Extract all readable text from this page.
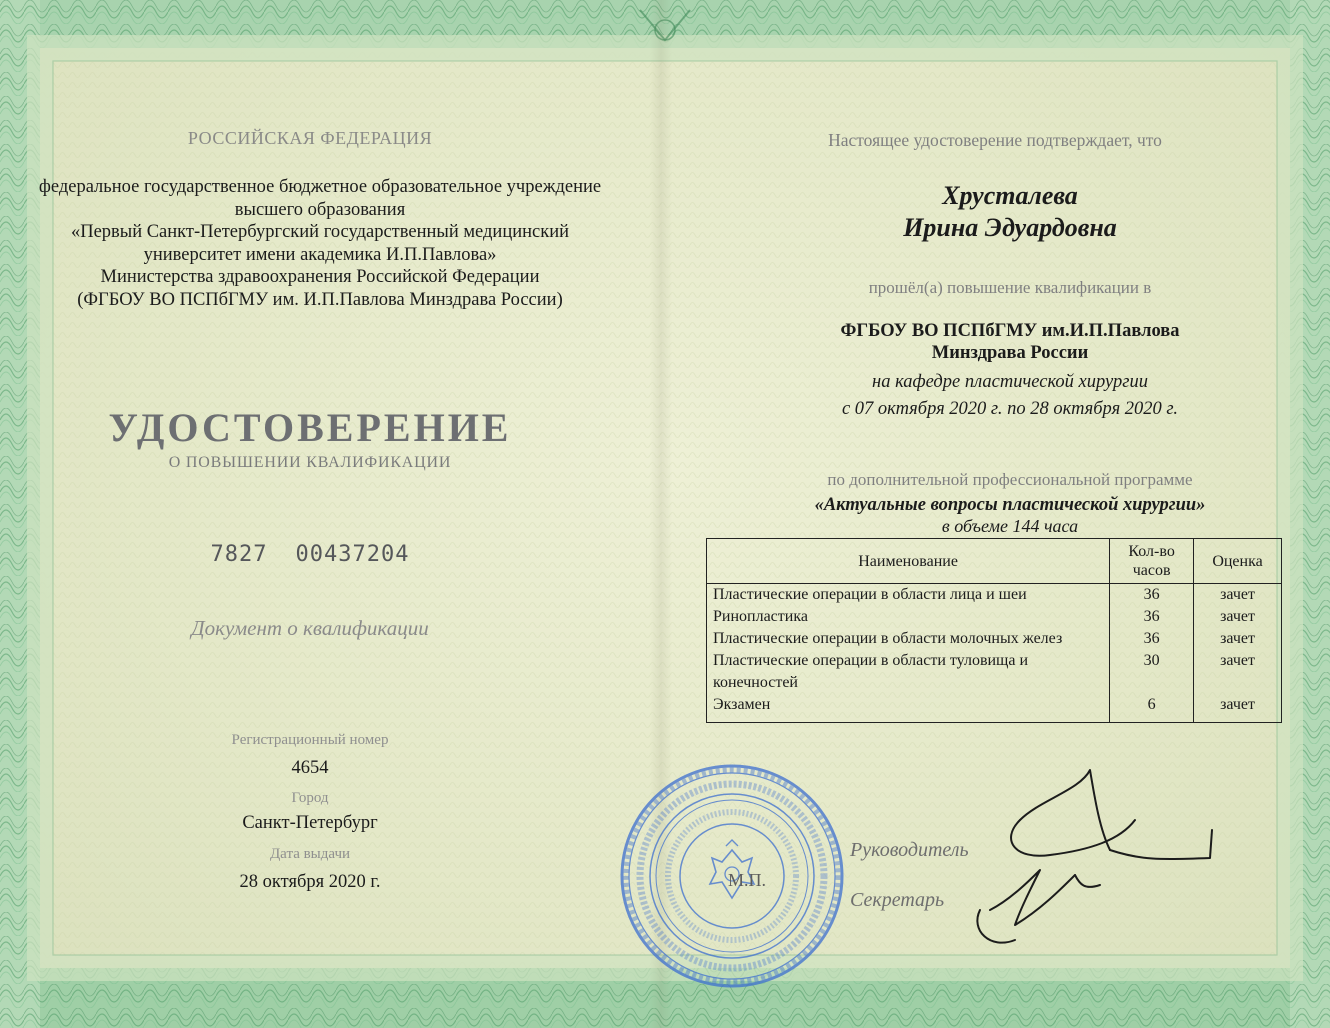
РОССИЙСКАЯ ФЕДЕРАЦИЯ
федеральное государственное бюджетное образовательное учреждение
высшего образования
«Первый Санкт-Петербургский государственный медицинский
университет имени академика И.П.Павлова»
Министерства здравоохранения Российской Федерации
(ФГБОУ ВО ПСПбГМУ им. И.П.Павлова Минздрава России)
УДОСТОВЕРЕНИЕ
О ПОВЫШЕНИИ КВАЛИФИКАЦИИ
7827 00437204
Документ о квалификации
Регистрационный номер
4654
Город
Санкт-Петербург
Дата выдачи
28 октября 2020 г.
Настоящее удостоверение подтверждает, что
Хрусталева
Ирина Эдуардовна
прошёл(а) повышение квалификации в
ФГБОУ ВО ПСПбГМУ им.И.П.Павлова
Минздрава России
на кафедре пластической хирургии
с 07 октября 2020 г. по 28 октября 2020 г.
по дополнительной профессиональной программе
«Актуальные вопросы пластической хирургии»
в объеме 144 часа
Наименование	Кол-во часов	Оценка
Пластические операции в области лица и шеи	36	зачет
Ринопластика	36	зачет
Пластические операции в области молочных желез	36	зачет
Пластические операции в области туловища и конечностей	30	зачет
Экзамен	6	зачет
М.П.
Руководитель
Секретарь
